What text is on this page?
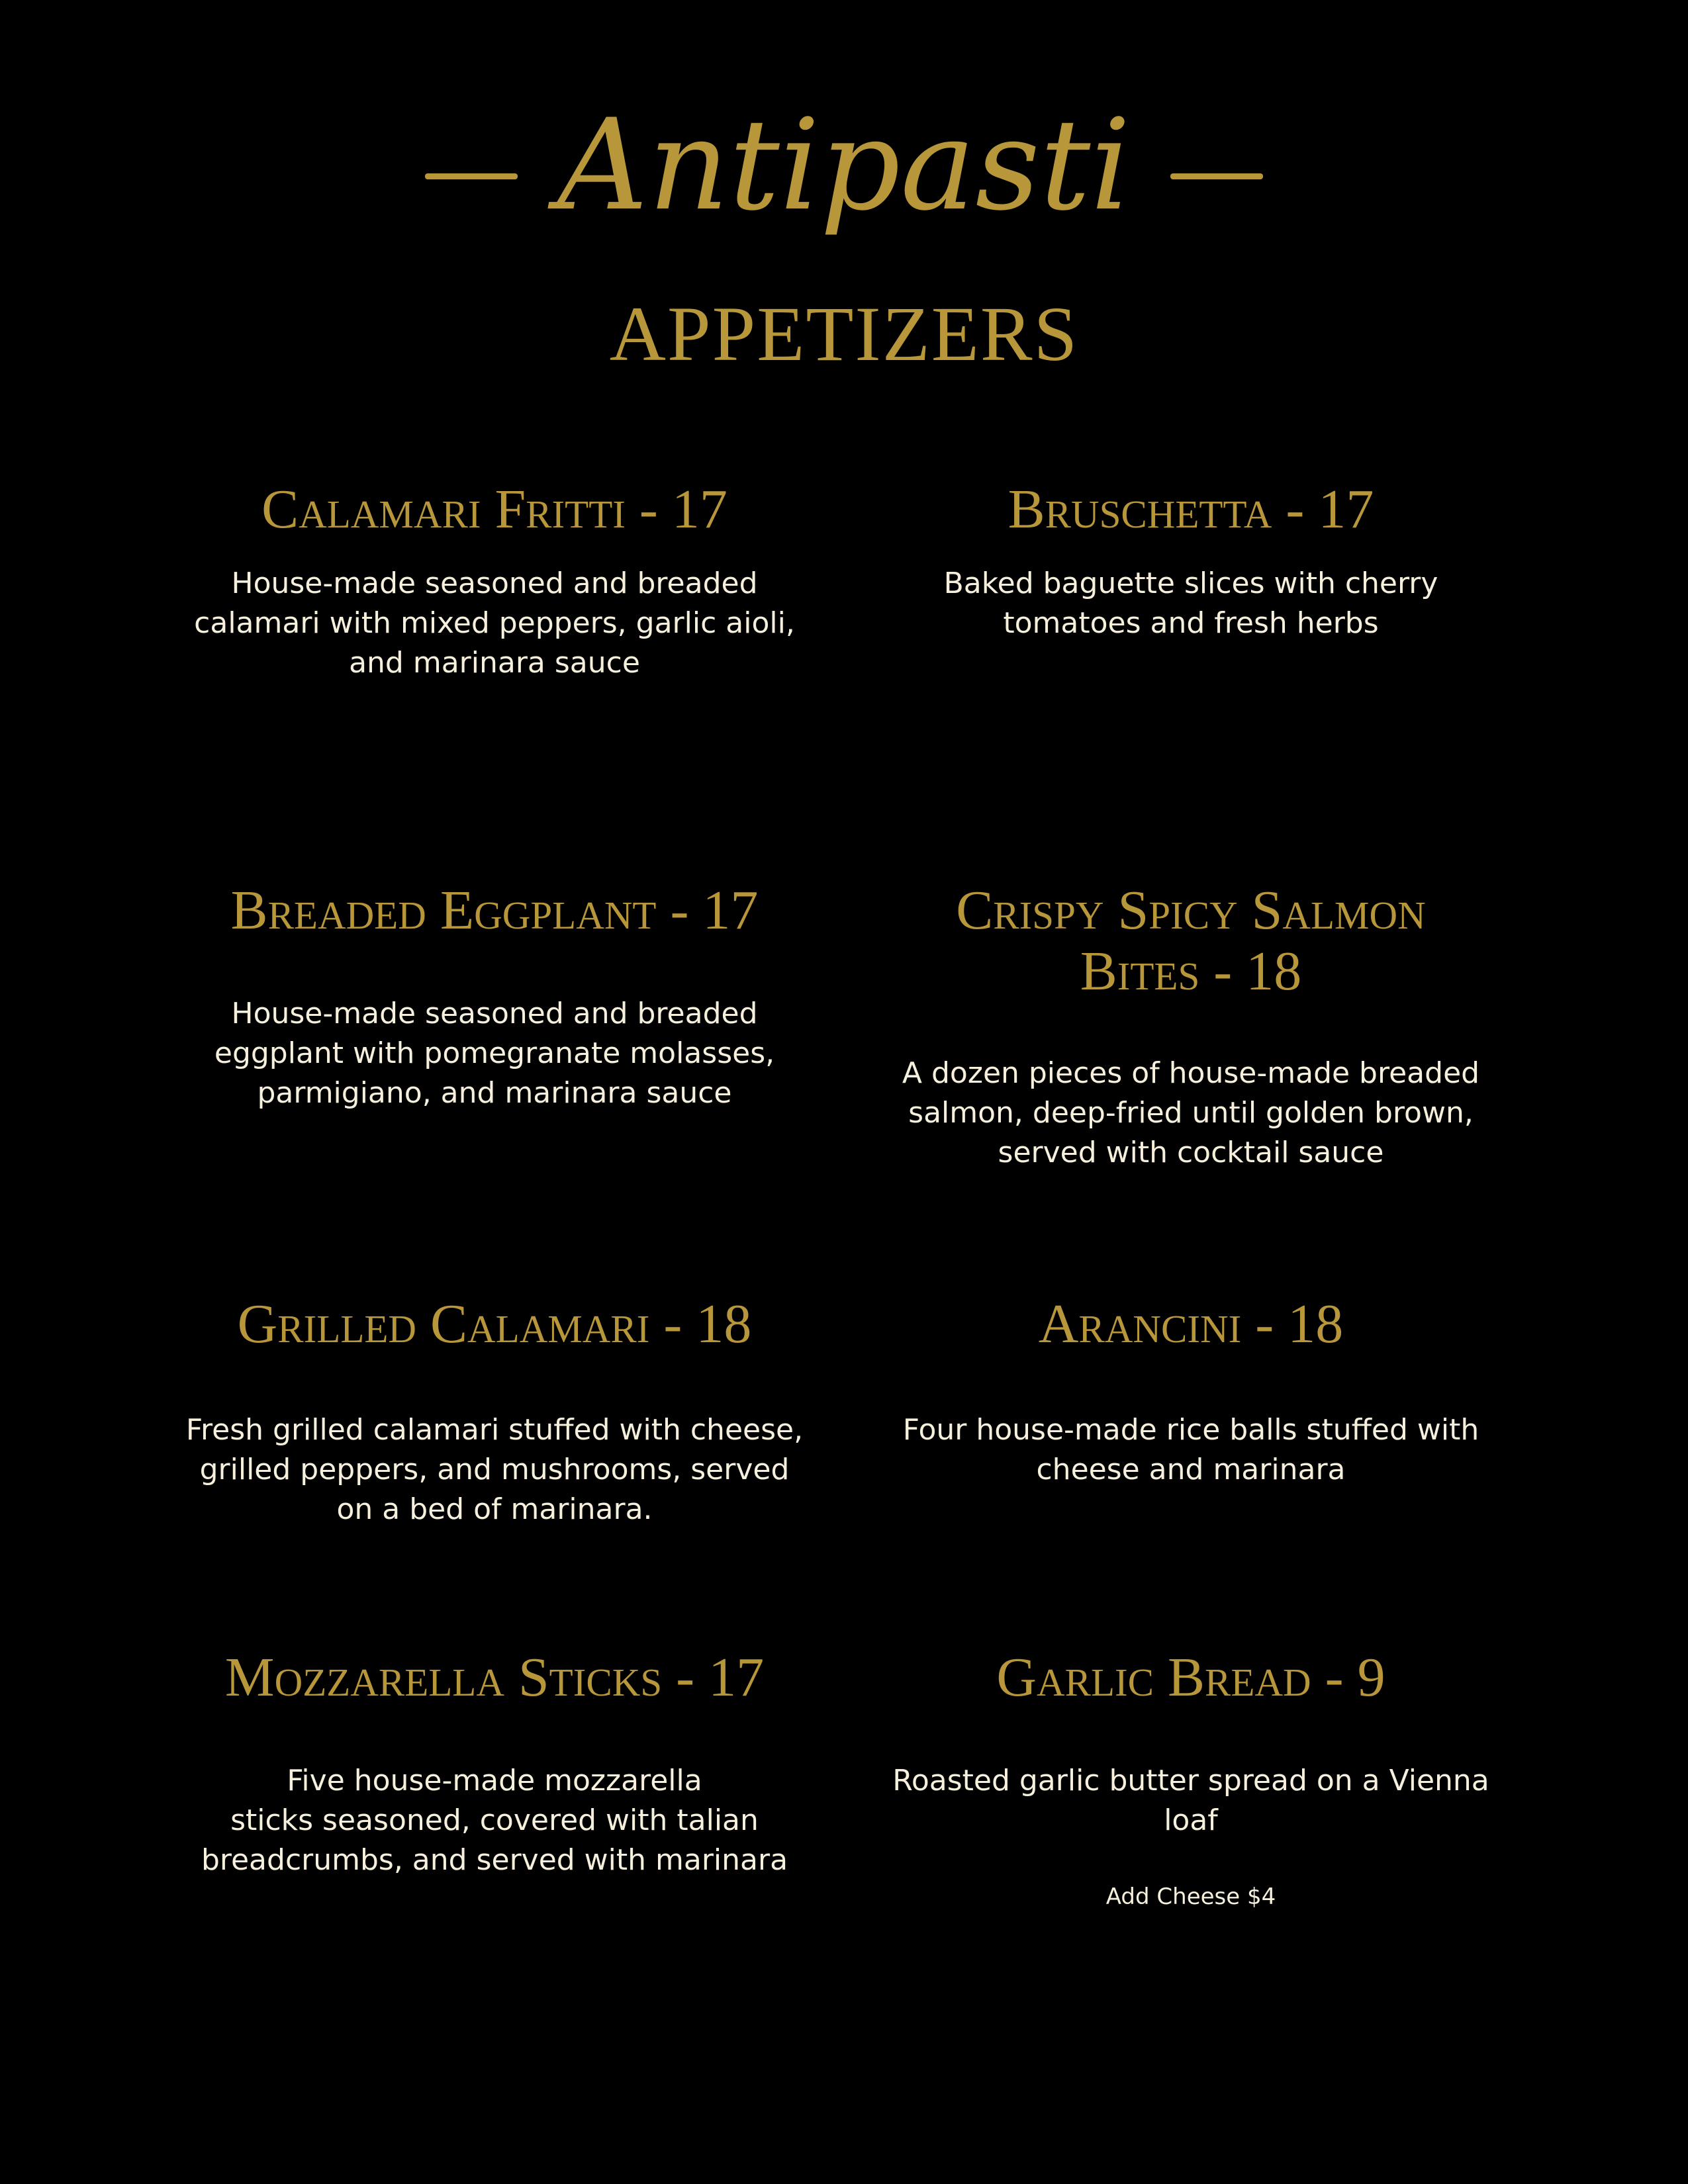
Antipasti
APPETIZERS
Calamari Fritti - 17
House-made seasoned and breaded
calamari with mixed peppers, garlic aioli,
and marinara sauce
Bruschetta - 17
Baked baguette slices with cherry
tomatoes and fresh herbs
Breaded Eggplant - 17
House-made seasoned and breaded
eggplant with pomegranate molasses,
parmigiano, and marinara sauce
Crispy Spicy Salmon
Bites - 18
A dozen pieces of house-made breaded
salmon, deep-fried until golden brown,
served with cocktail sauce
Grilled Calamari - 18
Fresh grilled calamari stuffed with cheese,
grilled peppers, and mushrooms, served
on a bed of marinara.
Arancini - 18
Four house-made rice balls stuffed with
cheese and marinara
Mozzarella Sticks - 17
Five house-made mozzarella
sticks seasoned, covered with talian
breadcrumbs, and served with marinara
Garlic Bread - 9
Roasted garlic butter spread on a Vienna
loaf
Add Cheese $4
